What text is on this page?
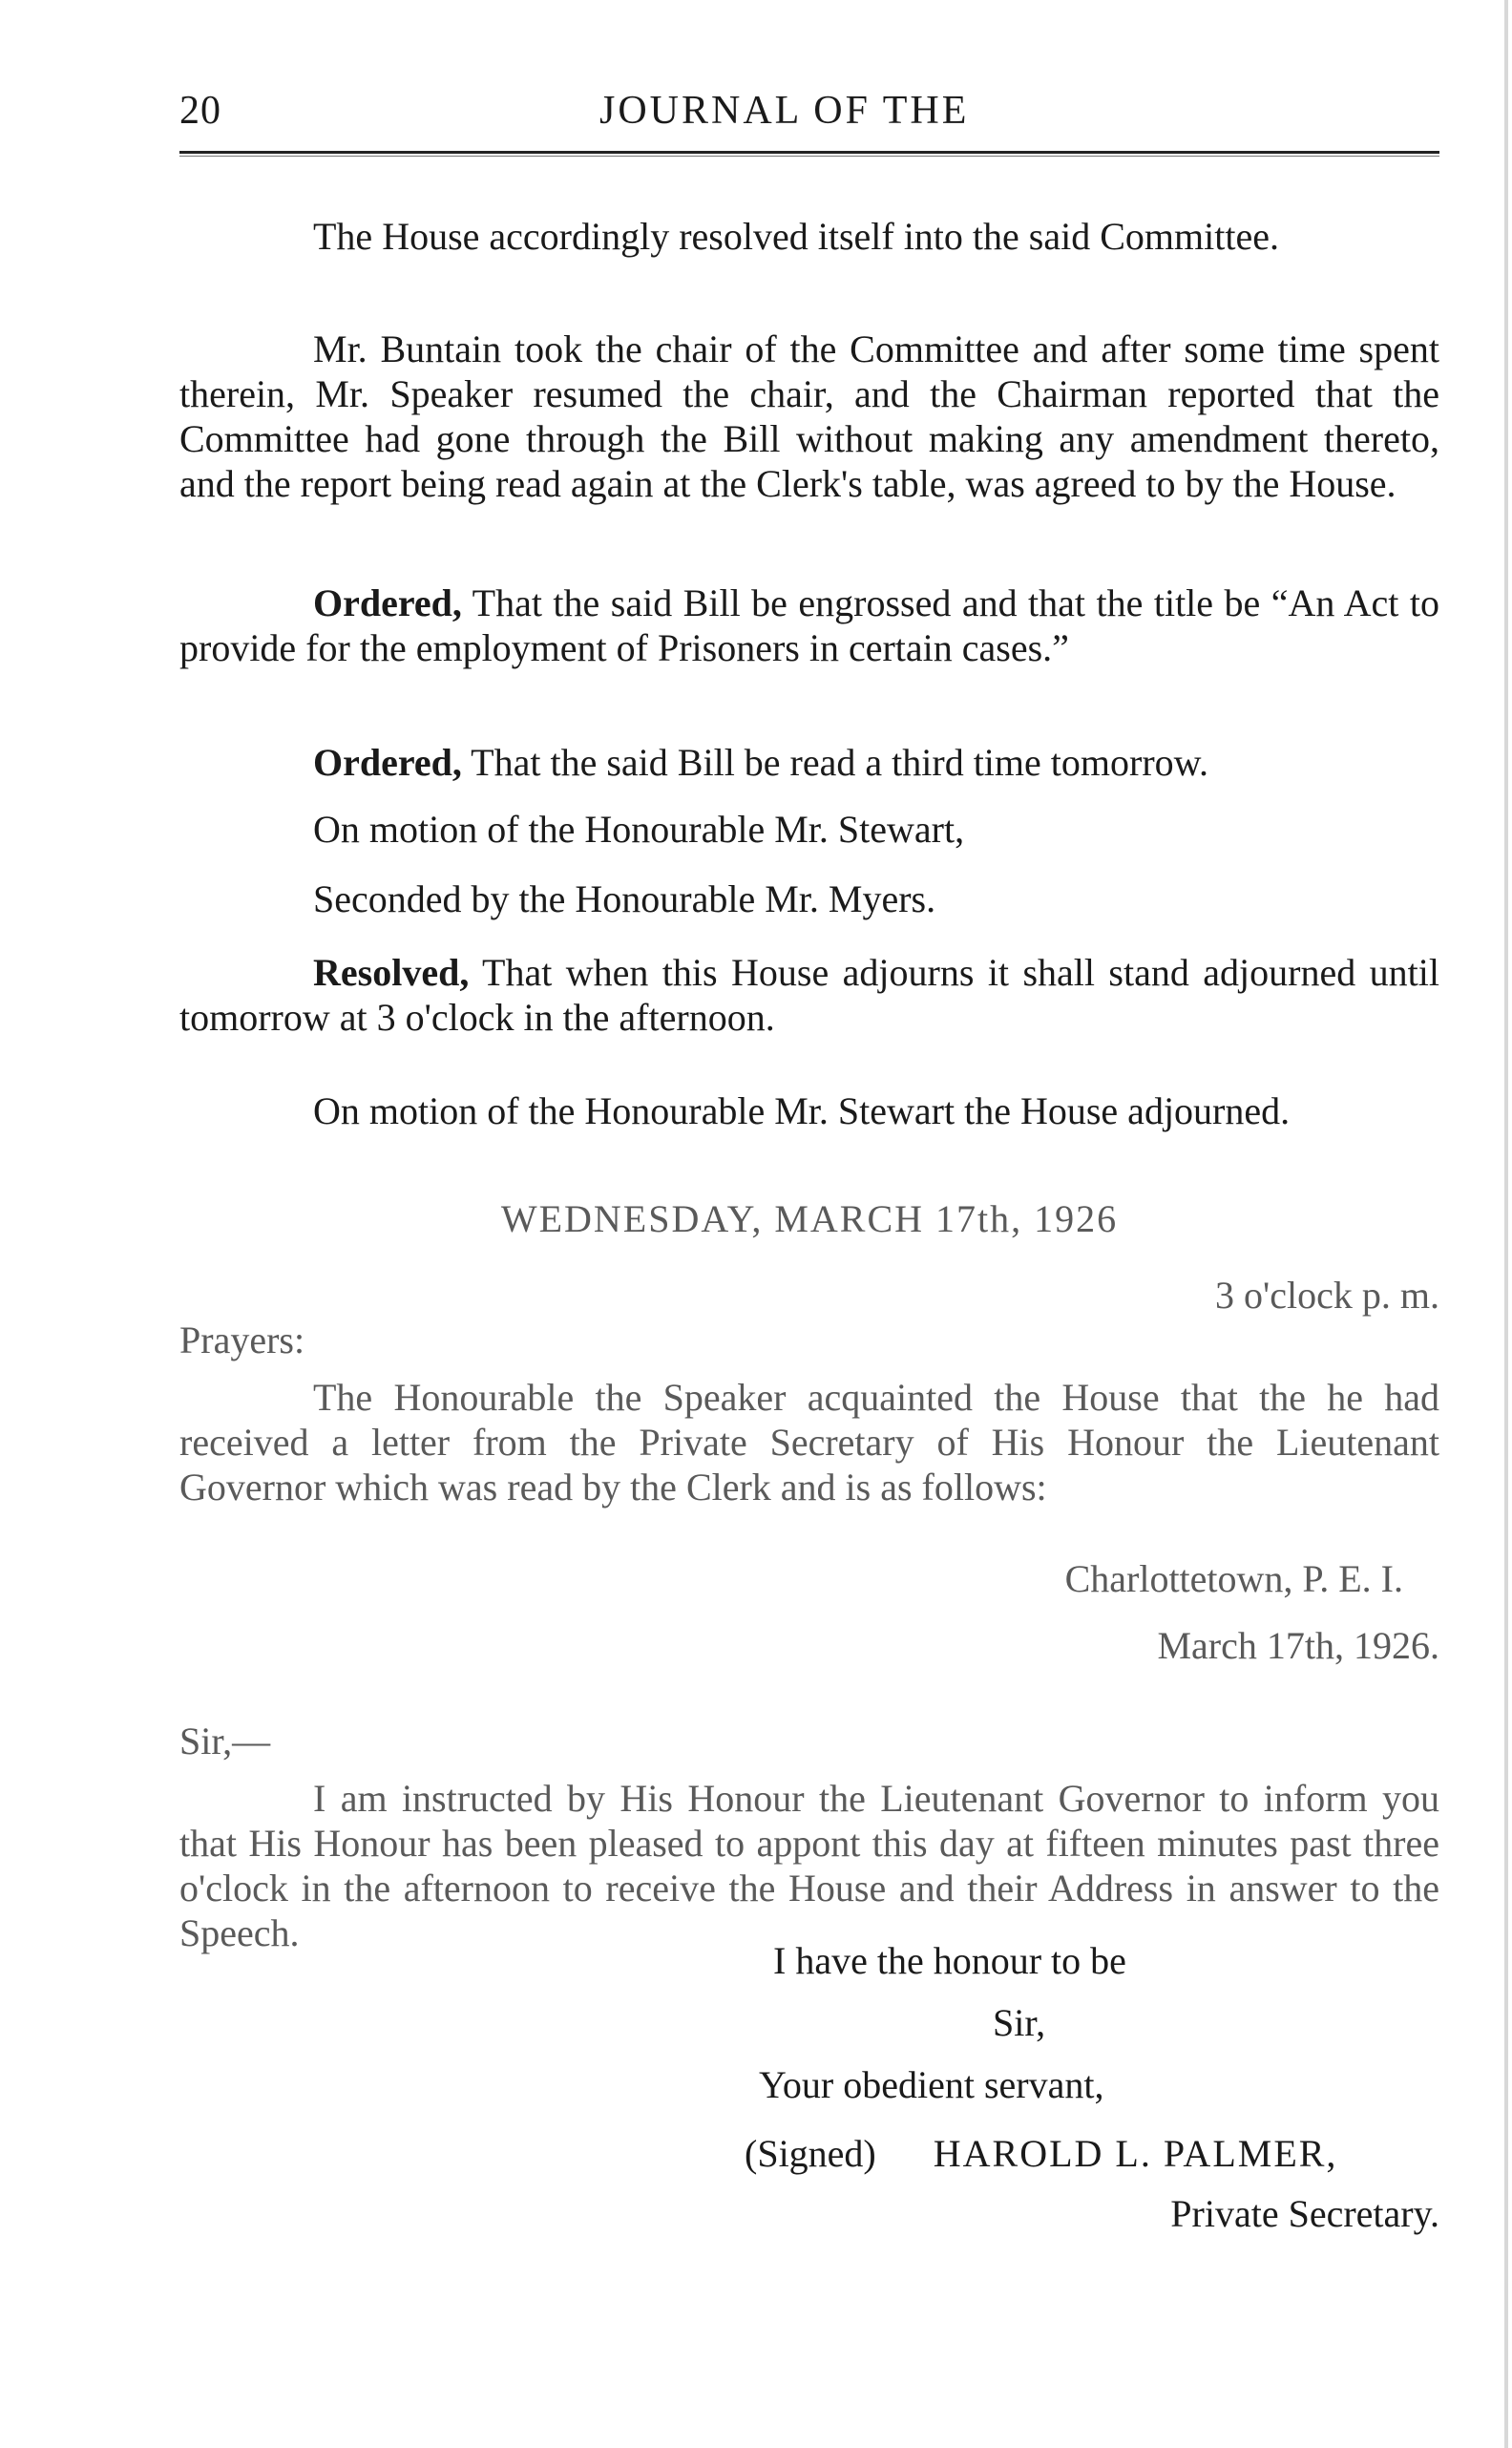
20	JOURNAL OF THE
The House accordingly resolved itself into the said Committee.
Mr. Buntain took the chair of the Committee and after some time spent therein, Mr. Speaker resumed the chair, and the Chairman reported that the Committee had gone through the Bill without making any amendment thereto, and the report being read again at the Clerk's table, was agreed to by the House.
Ordered, That the said Bill be engrossed and that the title be “An Act to provide for the employment of Prisoners in certain cases.”
Ordered, That the said Bill be read a third time tomorrow.
On motion of the Honourable Mr. Stewart,
Seconded by the Honourable Mr. Myers.
Resolved, That when this House adjourns it shall stand adjourned until tomorrow at 3 o'clock in the afternoon.
On motion of the Honourable Mr. Stewart the House adjourned.
WEDNESDAY, MARCH 17th, 1926
3 o'clock p. m.
Prayers:
The Honourable the Speaker acquainted the House that the he had received a letter from the Private Secretary of His Honour the Lieutenant Governor which was read by the Clerk and is as follows:
Charlottetown, P. E. I.
March 17th, 1926.
Sir,—
I am instructed by His Honour the Lieutenant Governor to inform you that His Honour has been pleased to appont this day at fifteen minutes past three o'clock in the afternoon to receive the House and their Address in answer to the Speech.
I have the honour to be
Sir,
Your obedient servant,
(Signed) HAROLD L. PALMER,
Private Secretary.
